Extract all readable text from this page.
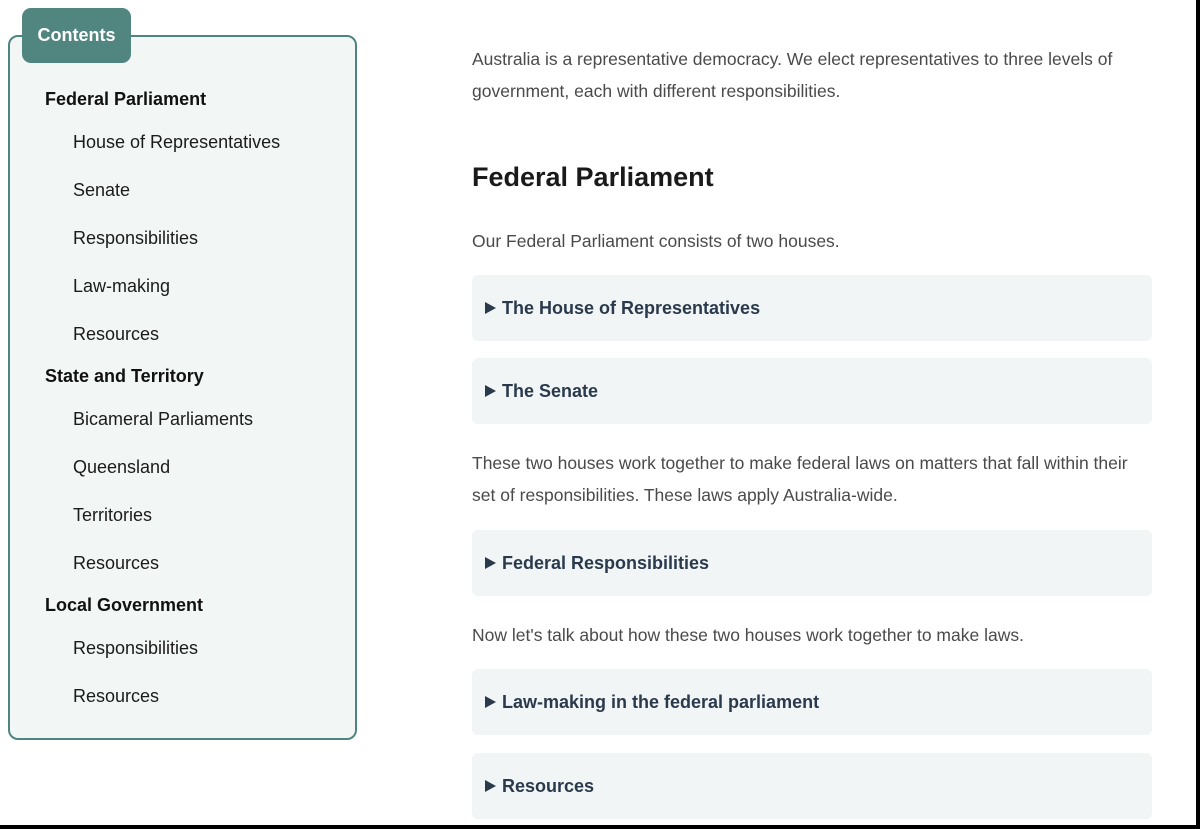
Contents
Federal Parliament
House of Representatives
Senate
Responsibilities
Law-making
Resources
State and Territory
Bicameral Parliaments
Queensland
Territories
Resources
Local Government
Responsibilities
Resources

Australia is a representative democracy. We elect representatives to three levels of government, each with different responsibilities.

Federal Parliament

Our Federal Parliament consists of two houses.

The House of Representatives
The Senate

These two houses work together to make federal laws on matters that fall within their set of responsibilities. These laws apply Australia-wide.

Federal Responsibilities

Now let's talk about how these two houses work together to make laws.

Law-making in the federal parliament
Resources
